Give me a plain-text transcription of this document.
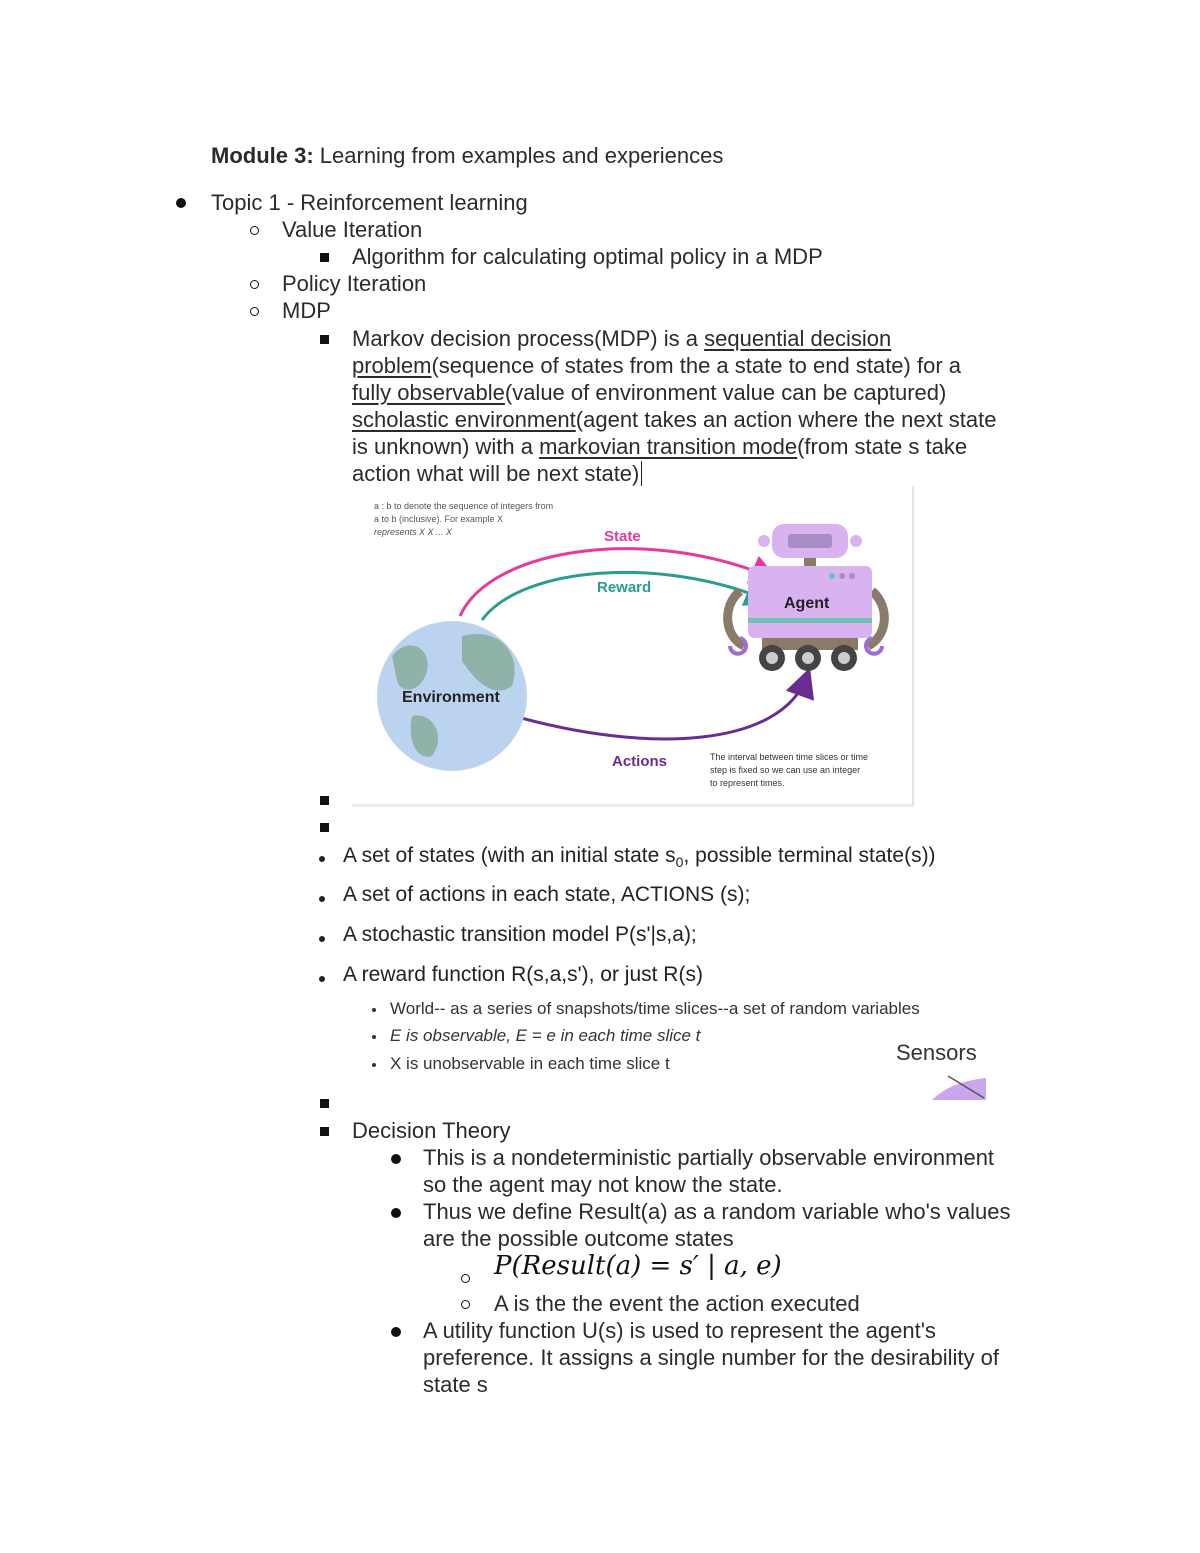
Module 3: Learning from examples and experiences
Topic 1 - Reinforcement learning
Value Iteration
Algorithm for calculating optimal policy in a MDP
Policy Iteration
MDP
Markov decision process(MDP) is a sequential decision
problem(sequence of states from the a state to end state) for a
fully observable(value of environment value can be captured)
scholastic environment(agent takes an action where the next state
is unknown) with a markovian transition mode(from state s take
action what will be next state)
a : b to denote the sequence of integers from
a to b (inclusive). For example X
represents X X ... X	State
Reward
Actions
Environment
Agent
The interval between time slices or time
step is fixed so we can use an integer
to represent times.
A set of states (with an initial state $s_0$, possible terminal state(s))
A set of actions in each state, ACTIONS (s);
A stochastic transition model P(s'|s,a);
A reward function R(s,a,s'), or just R(s)
World-- as a series of snapshots/time slices--a set of random variables
E is observable, E = e in each time slice t
X is unobservable in each time slice t	Sensors
Decision Theory
This is a nondeterministic partially observable environment
so the agent may not know the state.
Thus we define Result(a) as a random variable who's values
are the possible outcome states
P(Result(a) = s′ | a, e)
A is the the event the action executed
A utility function U(s) is used to represent the agent's
preference. It assigns a single number for the desirability of
state s
